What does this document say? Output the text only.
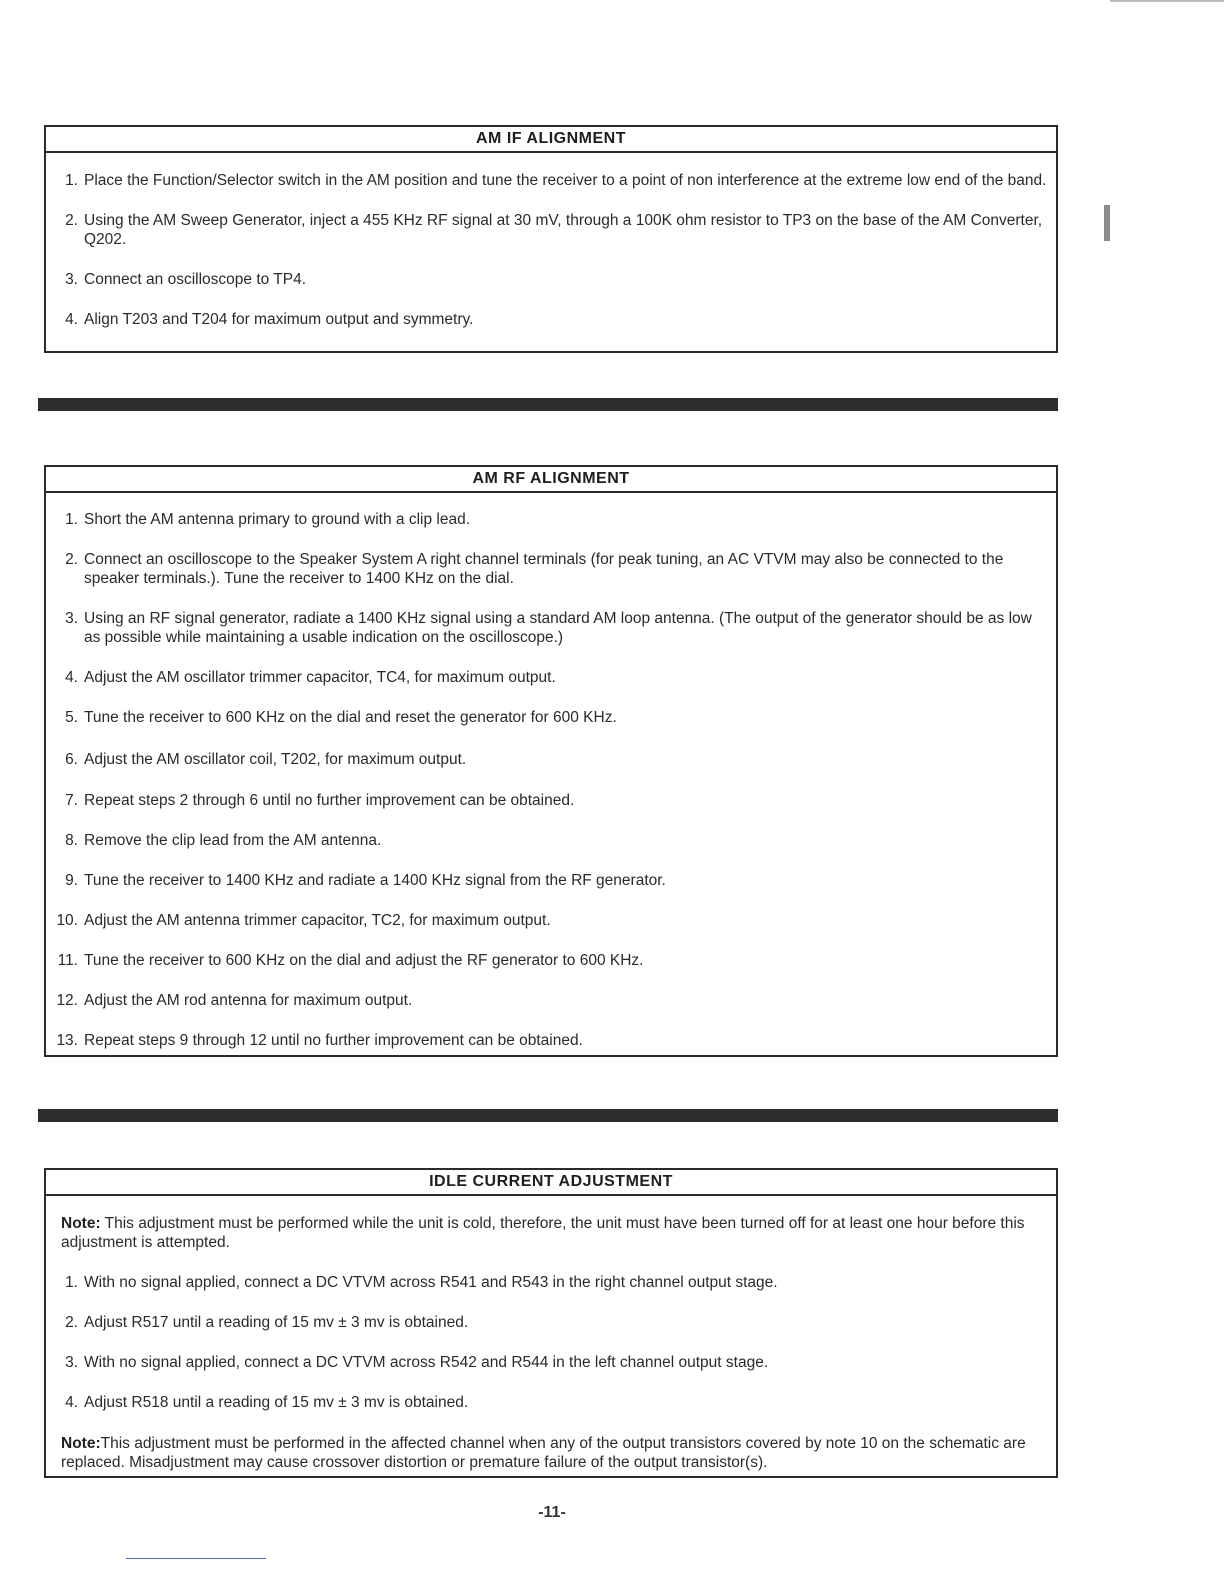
AM IF ALIGNMENT
1. Place the Function/Selector switch in the AM position and tune the receiver to a point of non interference at the extreme low end of the band.
2. Using the AM Sweep Generator, inject a 455 KHz RF signal at 30 mV, through a 100K ohm resistor to TP3 on the base of the AM Converter, Q202.
3. Connect an oscilloscope to TP4.
4. Align T203 and T204 for maximum output and symmetry.
AM RF ALIGNMENT
1. Short the AM antenna primary to ground with a clip lead.
2. Connect an oscilloscope to the Speaker System A right channel terminals (for peak tuning, an AC VTVM may also be connected to the speaker terminals.). Tune the receiver to 1400 KHz on the dial.
3. Using an RF signal generator, radiate a 1400 KHz signal using a standard AM loop antenna. (The output of the generator should be as low as possible while maintaining a usable indication on the oscilloscope.)
4. Adjust the AM oscillator trimmer capacitor, TC4, for maximum output.
5. Tune the receiver to 600 KHz on the dial and reset the generator for 600 KHz.
6. Adjust the AM oscillator coil, T202, for maximum output.
7. Repeat steps 2 through 6 until no further improvement can be obtained.
8. Remove the clip lead from the AM antenna.
9. Tune the receiver to 1400 KHz and radiate a 1400 KHz signal from the RF generator.
10. Adjust the AM antenna trimmer capacitor, TC2, for maximum output.
11. Tune the receiver to 600 KHz on the dial and adjust the RF generator to 600 KHz.
12. Adjust the AM rod antenna for maximum output.
13. Repeat steps 9 through 12 until no further improvement can be obtained.
IDLE CURRENT ADJUSTMENT

Note: This adjustment must be performed while the unit is cold, therefore, the unit must have been turned off for at least one hour before this adjustment is attempted.

1. With no signal applied, connect a DC VTVM across R541 and R543 in the right channel output stage.
2. Adjust R517 until a reading of 15 mv ± 3 mv is obtained.
3. With no signal applied, connect a DC VTVM across R542 and R544 in the left channel output stage.
4. Adjust R518 until a reading of 15 mv ± 3 mv is obtained.

Note:This adjustment must be performed in the affected channel when any of the output transistors covered by note 10 on the schematic are replaced. Misadjustment may cause crossover distortion or premature failure of the output transistor(s).

-11-
